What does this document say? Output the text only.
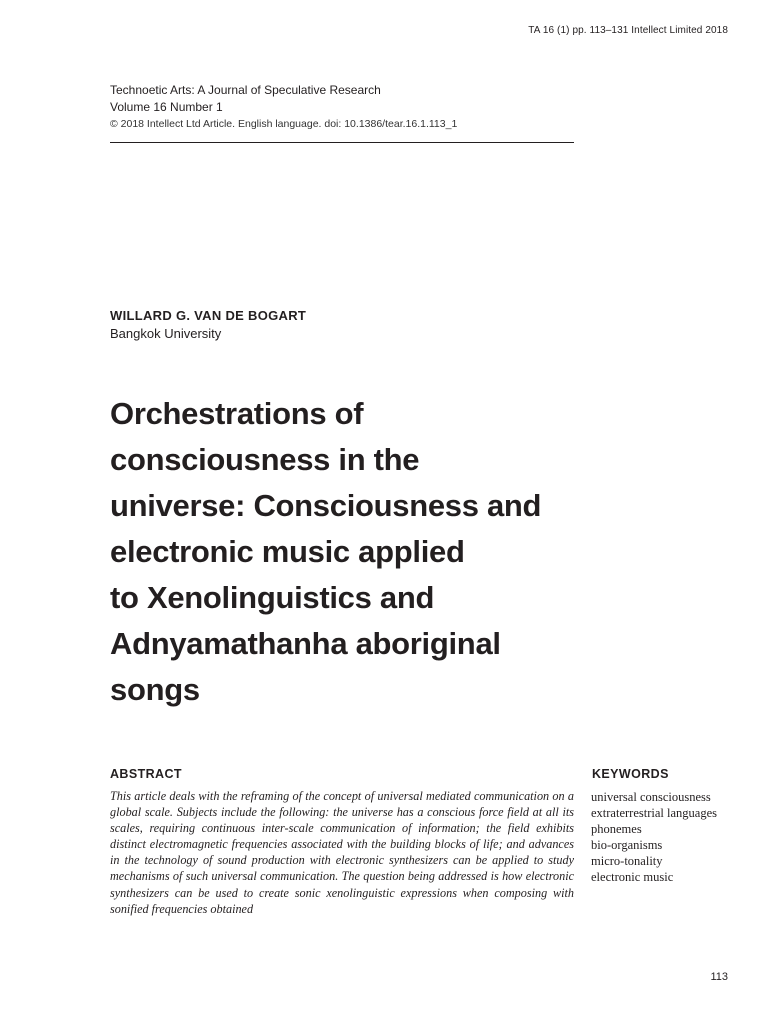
TA 16 (1) pp. 113–131 Intellect Limited 2018
Technoetic Arts: A Journal of Speculative Research
Volume 16 Number 1
© 2018 Intellect Ltd Article. English language. doi: 10.1386/tear.16.1.113_1
WILLARD G. VAN DE BOGART
Bangkok University
Orchestrations of
consciousness in the
universe: Consciousness and
electronic music applied
to Xenolinguistics and
Adnyamathanha aboriginal
songs
ABSTRACT

This article deals with the reframing of the concept of universal mediated communication on a global scale. Subjects include the following: the universe has a conscious force field at all its scales, requiring continuous inter-scale communication of information; the field exhibits distinct electromagnetic frequencies associated with the building blocks of life; and advances in the technology of sound production with electronic synthesizers can be applied to study mechanisms of such universal communication. The question being addressed is how electronic synthesizers can be used to create sonic xenolinguistic expressions when composing with sonified frequencies obtained

KEYWORDS
universal consciousness
extraterrestrial languages
phonemes
bio-organisms
micro-tonality
electronic music
113
